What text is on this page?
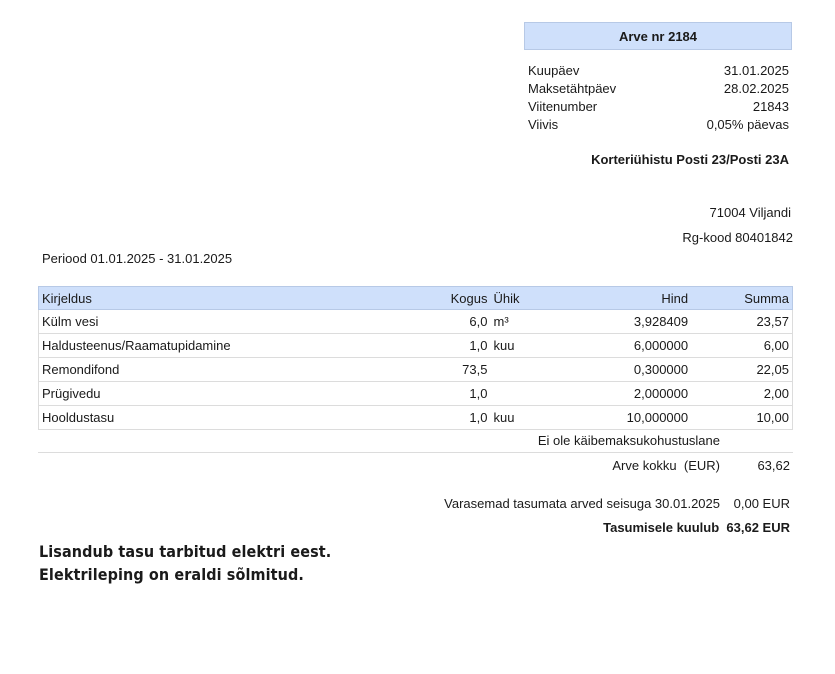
Arve nr 2184
Kuupäev	31.01.2025
Maksetähtpäev	28.02.2025
Viitenumber	21843
Viivis	0,05% päevas
Korteriühistu Posti 23/Posti 23A
71004 Viljandi
Rg-kood 80401842
Periood 01.01.2025 - 31.01.2025
Kirjeldus	Kogus	Ühik	Hind	Summa
Külm vesi	6,0	m³	3,928409	23,57
Haldusteenus/Raamatupidamine	1,0	kuu	6,000000	6,00
Remondifond	73,5		0,300000	22,05
Prügivedu	1,0		2,000000	2,00
Hooldustasu	1,0	kuu	10,000000	10,00
Ei ole käibemaksukohustuslane
Arve kokku  (EUR)	63,62
Varasemad tasumata arved seisuga 30.01.2025 0,00 EUR
Tasumisele kuulub  63,62 EUR
Lisandub tasu tarbitud elektri eest.
Elektrileping on eraldi sõlmitud.
